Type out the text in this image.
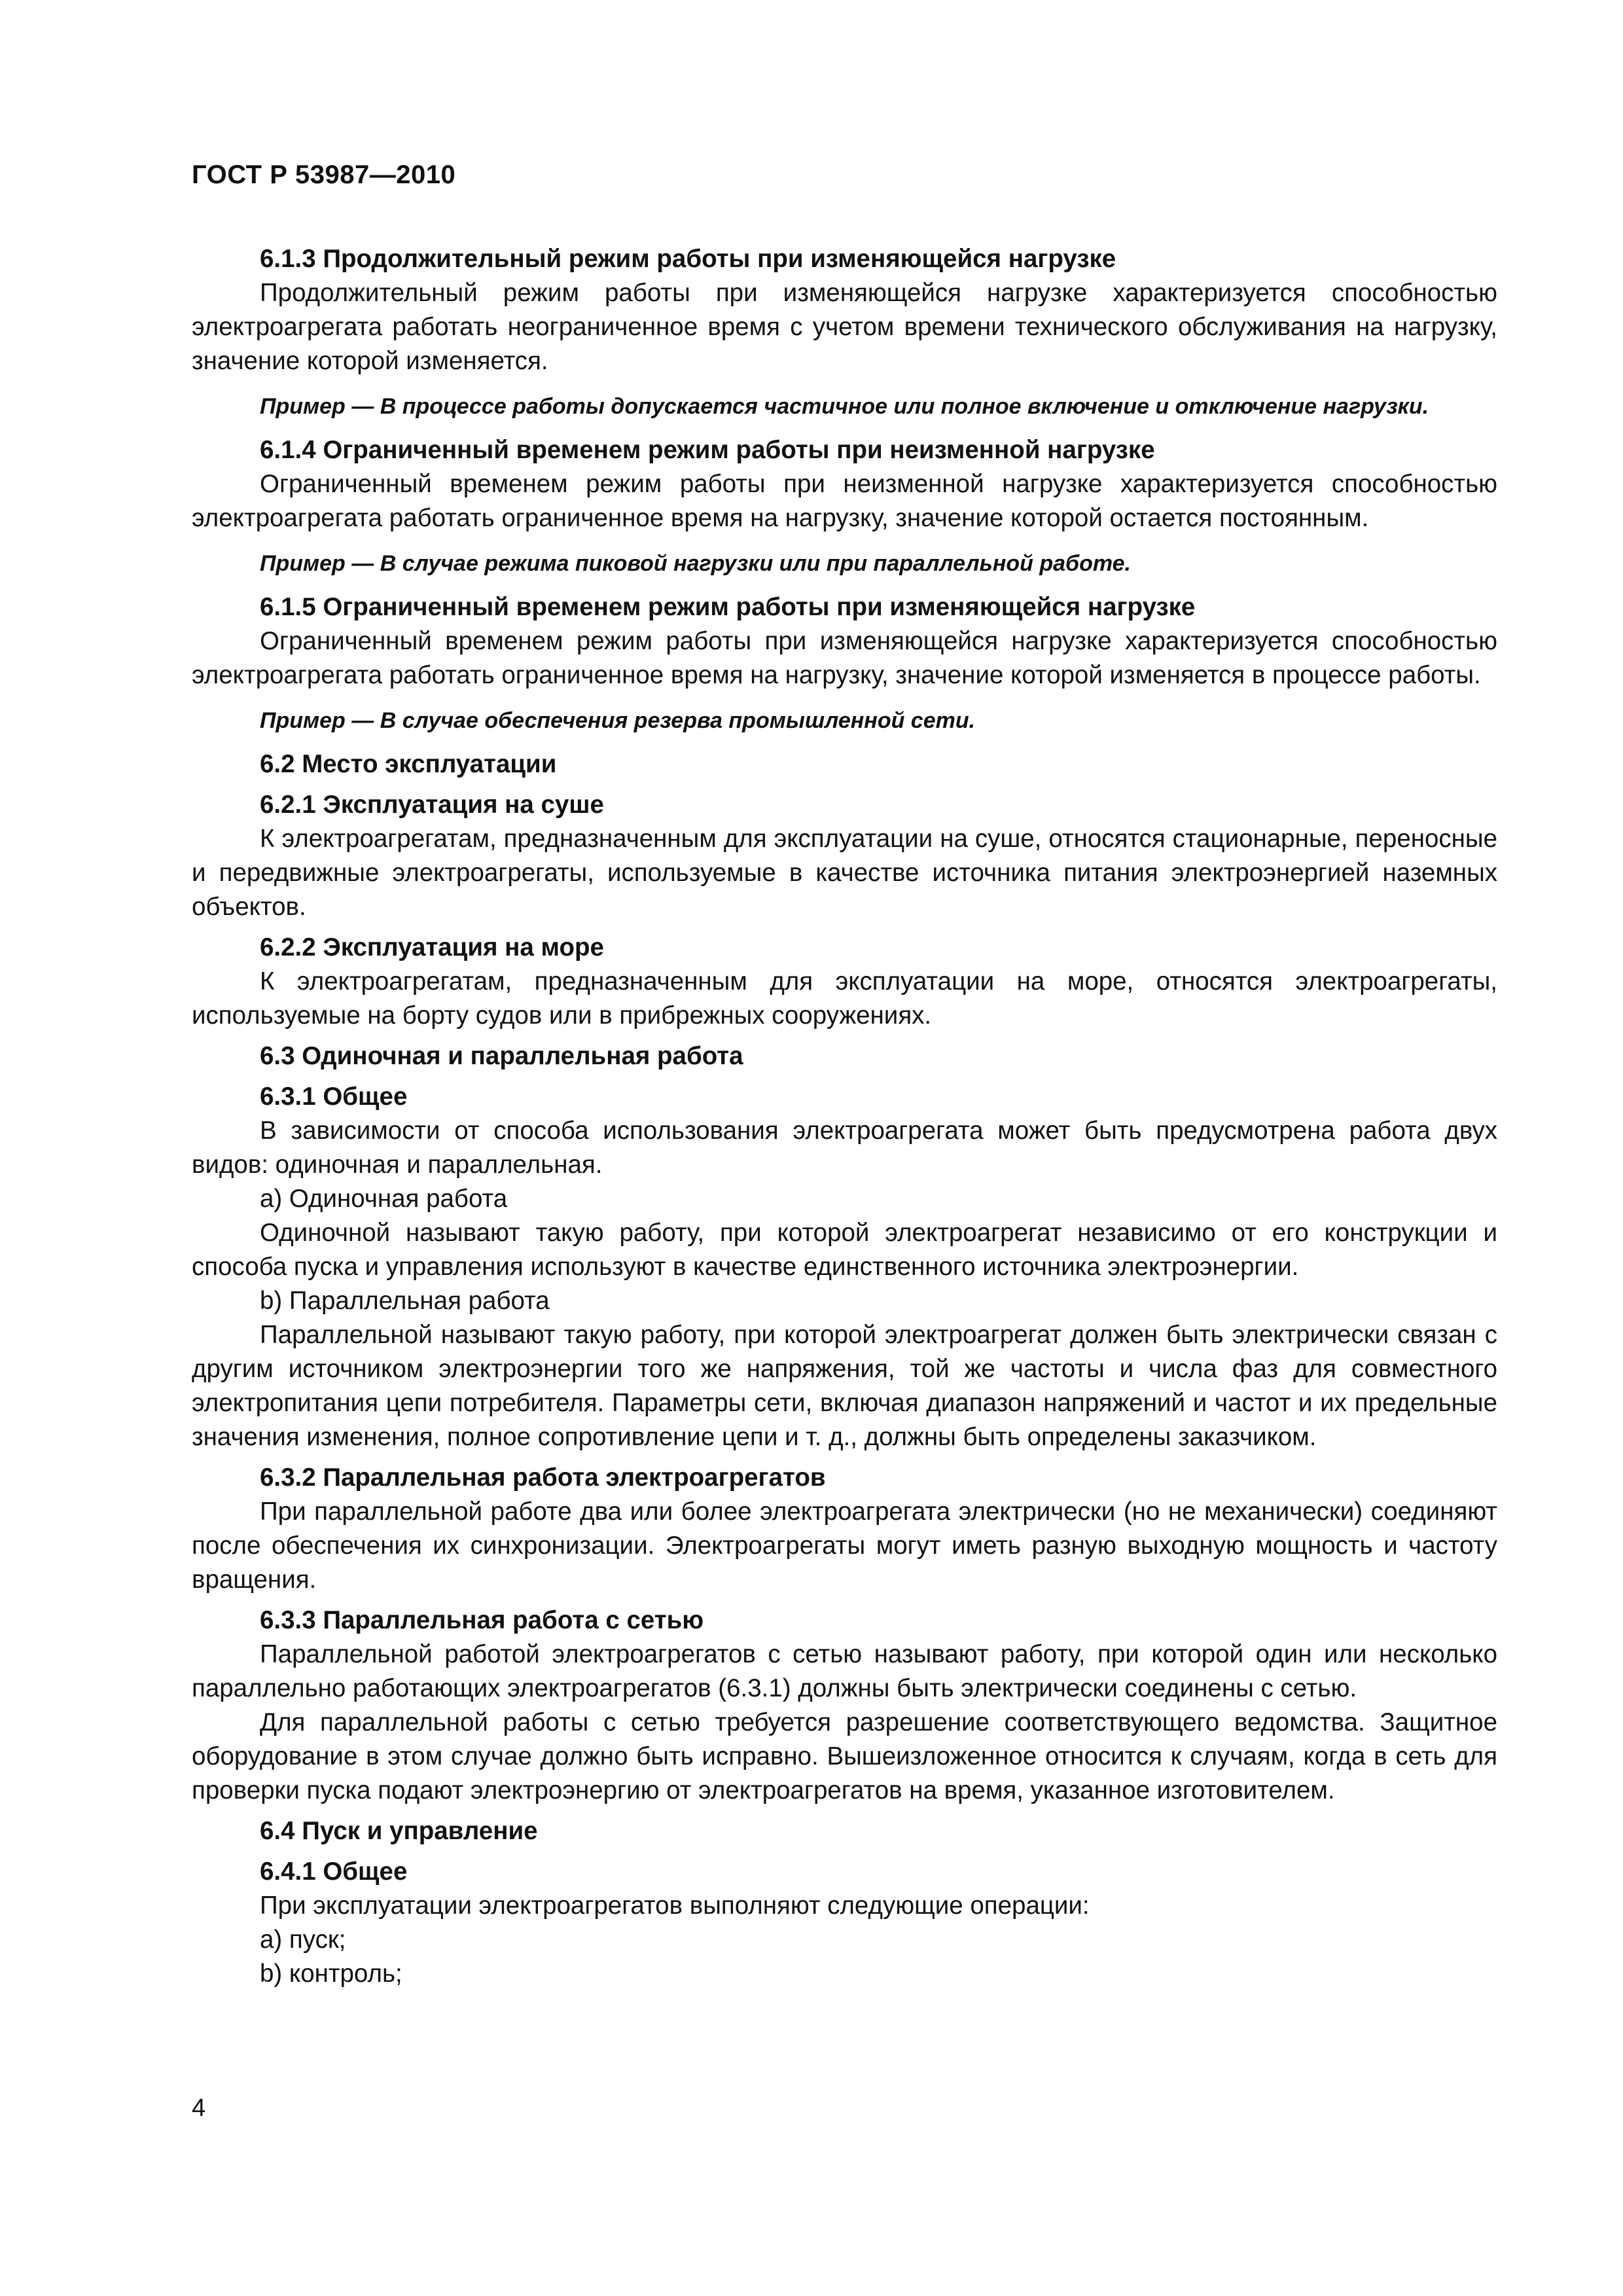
ГОСТ Р 53987—2010

6.1.3 Продолжительный режим работы при изменяющейся нагрузке

Продолжительный режим работы при изменяющейся нагрузке характеризуется способностью электроагрегата работать неограниченное время с учетом времени технического обслуживания на нагрузку, значение которой изменяется.

Пример — В процессе работы допускается частичное или полное включение и отключение нагрузки.

6.1.4 Ограниченный временем режим работы при неизменной нагрузке

Ограниченный временем режим работы при неизменной нагрузке характеризуется способностью электроагрегата работать ограниченное время на нагрузку, значение которой остается постоянным.

Пример — В случае режима пиковой нагрузки или при параллельной работе.

6.1.5 Ограниченный временем режим работы при изменяющейся нагрузке

Ограниченный временем режим работы при изменяющейся нагрузке характеризуется способностью электроагрегата работать ограниченное время на нагрузку, значение которой изменяется в процессе работы.

Пример — В случае обеспечения резерва промышленной сети.

6.2 Место эксплуатации

6.2.1 Эксплуатация на суше

К электроагрегатам, предназначенным для эксплуатации на суше, относятся стационарные, переносные и передвижные электроагрегаты, используемые в качестве источника питания электроэнергией наземных объектов.

6.2.2 Эксплуатация на море

К электроагрегатам, предназначенным для эксплуатации на море, относятся электроагрегаты, используемые на борту судов или в прибрежных сооружениях.

6.3 Одиночная и параллельная работа

6.3.1 Общее

В зависимости от способа использования электроагрегата может быть предусмотрена работа двух видов: одиночная и параллельная.

а) Одиночная работа

Одиночной называют такую работу, при которой электроагрегат независимо от его конструкции и способа пуска и управления используют в качестве единственного источника электроэнергии.

b) Параллельная работа

Параллельной называют такую работу, при которой электроагрегат должен быть электрически связан с другим источником электроэнергии того же напряжения, той же частоты и числа фаз для совместного электропитания цепи потребителя. Параметры сети, включая диапазон напряжений и частот и их предельные значения изменения, полное сопротивление цепи и т. д., должны быть определены заказчиком.

6.3.2 Параллельная работа электроагрегатов

При параллельной работе два или более электроагрегата электрически (но не механически) соединяют после обеспечения их синхронизации. Электроагрегаты могут иметь разную выходную мощность и частоту вращения.

6.3.3 Параллельная работа с сетью

Параллельной работой электроагрегатов с сетью называют работу, при которой один или несколько параллельно работающих электроагрегатов (6.3.1) должны быть электрически соединены с сетью.

Для параллельной работы с сетью требуется разрешение соответствующего ведомства. Защитное оборудование в этом случае должно быть исправно. Вышеизложенное относится к случаям, когда в сеть для проверки пуска подают электроэнергию от электроагрегатов на время, указанное изготовителем.

6.4 Пуск и управление

6.4.1 Общее

При эксплуатации электроагрегатов выполняют следующие операции:

а) пуск;

b) контроль;

4
